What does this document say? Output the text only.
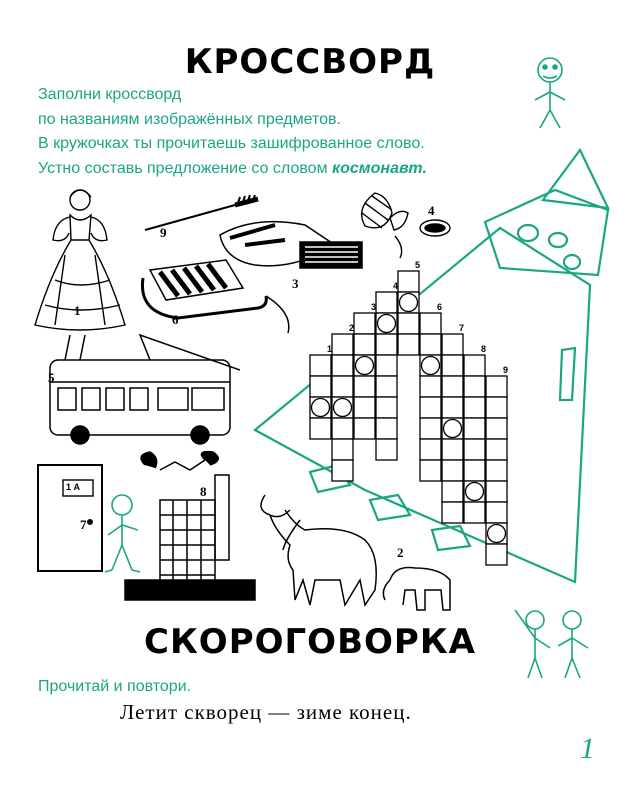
КРОССВОРД
Заполни кроссворд
по названиям изображённых предметов.
В кружочках ты прочитаешь зашифрованное слово.
Устно составь предложение со словом космонавт.
СКОРОГОВОРКА
Прочитай и повтори.
Летит скворец — зиме конец.
1
1
2
3
4
5
6
7
8
9
1
9
3
4
6
5
1 А
7
8
2
